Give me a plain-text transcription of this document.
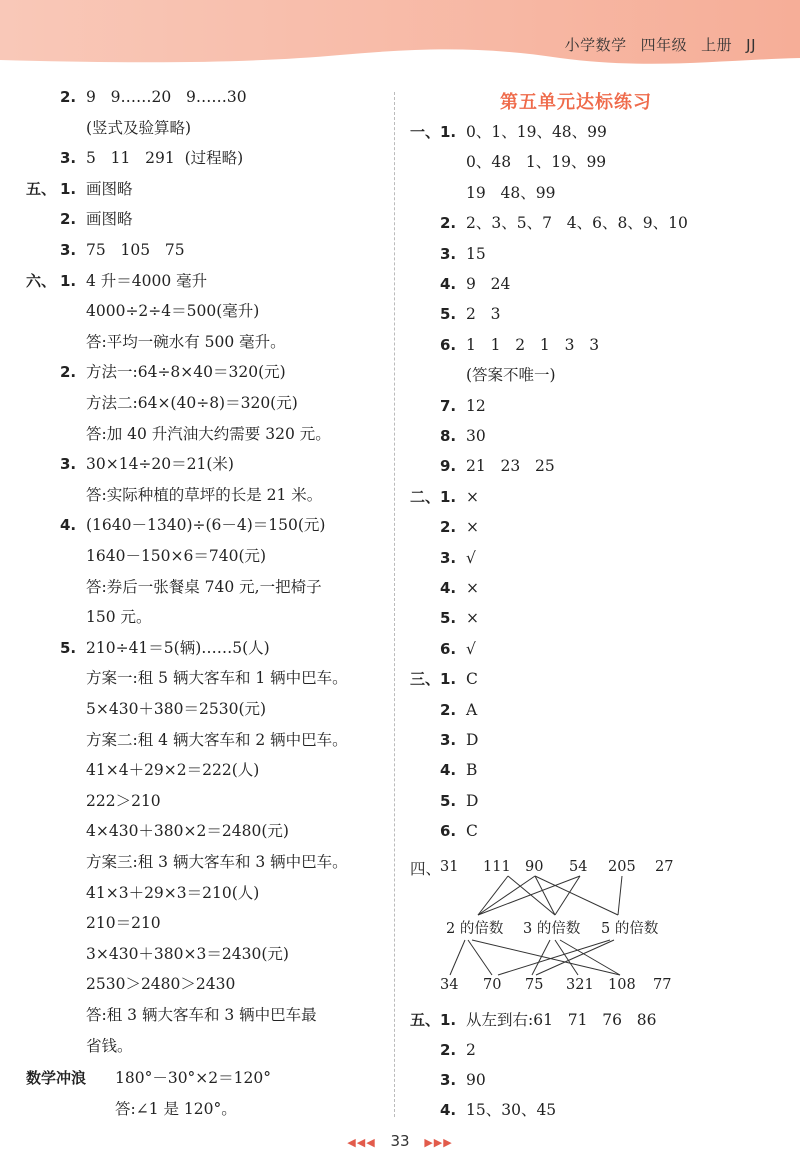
小学数学 四年级 上册 JJ
2. 9   9……20   9……30
(竖式及验算略)
3. 5   11   291  (过程略)
五、 1. 画图略
2. 画图略
3. 75   105   75
六、 1. 4 升＝4000 毫升
4000÷2÷4＝500(毫升)
答:平均一碗水有 500 毫升。
2. 方法一:64÷8×40＝320(元)
方法二:64×(40÷8)＝320(元)
答:加 40 升汽油大约需要 320 元。
3. 30×14÷20＝21(米)
答:实际种植的草坪的长是 21 米。
4. (1640－1340)÷(6－4)＝150(元)
1640－150×6＝740(元)
答:券后一张餐桌 740 元,一把椅子
150 元。
5. 210÷41＝5(辆)……5(人)
方案一:租 5 辆大客车和 1 辆中巴车。
5×430＋380＝2530(元)
方案二:租 4 辆大客车和 2 辆中巴车。
41×4＋29×2＝222(人)
222＞210
4×430＋380×2＝2480(元)
方案三:租 3 辆大客车和 3 辆中巴车。
41×3＋29×3＝210(人)
210＝210
3×430＋380×3＝2430(元)
2530＞2480＞2430
答:租 3 辆大客车和 3 辆中巴车最
省钱。
数学冲浪 180°－30°×2＝120°
答:∠1 是 120°。
第五单元达标练习
一、 1. 0、1、19、48、99
0、48   1、19、99
19   48、99
2. 2、3、5、7   4、6、8、9、10
3. 15
4. 9   24
5. 2   3
6. 1   1   2   1   3   3
(答案不唯一)
7. 12
8. 30
9. 21   23   25
二、 1. ×
2. ×
3. √
4. ×
5. ×
6. √
三、 1. C
2. A
3. D
4. B
5. D
6. C
四、
31 111 90 54 205 27
2 的倍数 3 的倍数 5 的倍数
34 70 75 321 108 77
五、 1. 从左到右:61   71   76   86
2. 2
3. 90
4. 15、30、45
◀◀◀ 33 ▶▶▶
